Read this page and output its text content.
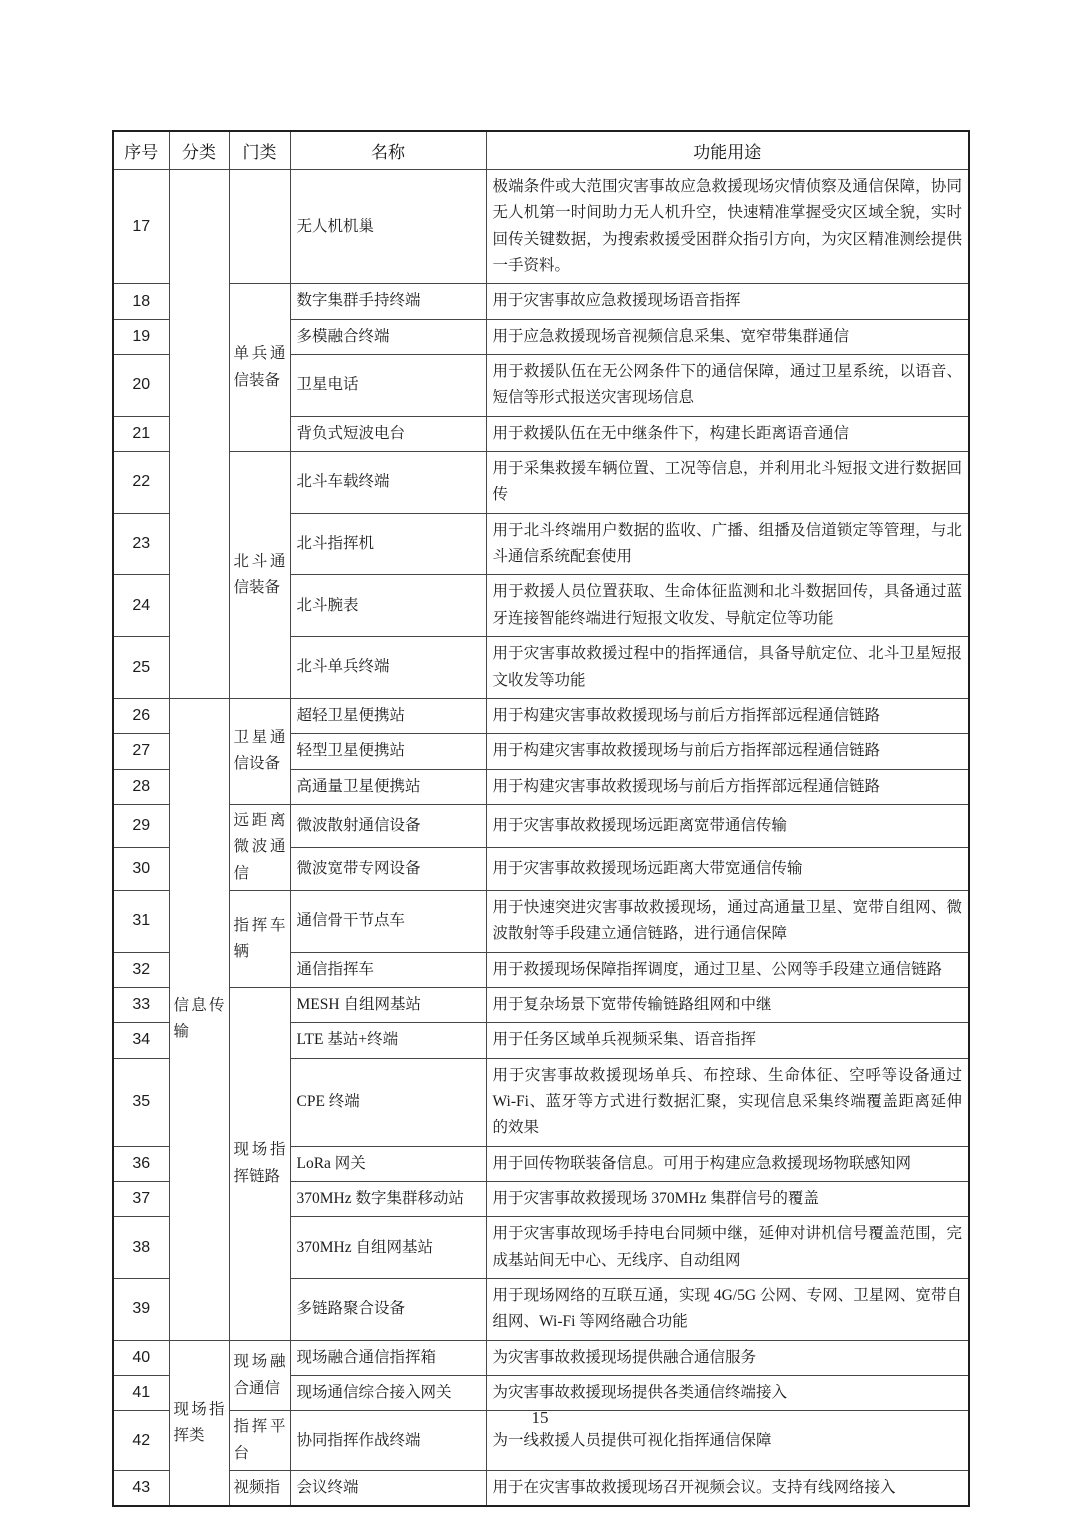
序号	分类	门类	名称	功能用途
17			无人机机巢	极端条件或大范围灾害事故应急救援现场灾情侦察及通信保障，协同无人机第一时间助力无人机升空，快速精准掌握受灾区域全貌，实时回传关键数据，为搜索救援受困群众指引方向，为灾区精准测绘提供一手资料。
18		单兵通信装备	数字集群手持终端	用于灾害事故应急救援现场语音指挥
19			多模融合终端	用于应急救援现场音视频信息采集、宽窄带集群通信
20			卫星电话	用于救援队伍在无公网条件下的通信保障，通过卫星系统，以语音、短信等形式报送灾害现场信息
21			背负式短波电台	用于救援队伍在无中继条件下，构建长距离语音通信
22		北斗通信装备	北斗车载终端	用于采集救援车辆位置、工况等信息，并利用北斗短报文进行数据回传
23			北斗指挥机	用于北斗终端用户数据的监收、广播、组播及信道锁定等管理，与北斗通信系统配套使用
24			北斗腕表	用于救援人员位置获取、生命体征监测和北斗数据回传，具备通过蓝牙连接智能终端进行短报文收发、导航定位等功能
25			北斗单兵终端	用于灾害事故救援过程中的指挥通信，具备导航定位、北斗卫星短报文收发等功能
26	信息传输	卫星通信设备	超轻卫星便携站	用于构建灾害事故救援现场与前后方指挥部远程通信链路
27			轻型卫星便携站	用于构建灾害事故救援现场与前后方指挥部远程通信链路
28			高通量卫星便携站	用于构建灾害事故救援现场与前后方指挥部远程通信链路
29		远距离微波通信	微波散射通信设备	用于灾害事故救援现场远距离宽带通信传输
30			微波宽带专网设备	用于灾害事故救援现场远距离大带宽通信传输
31		指挥车辆	通信骨干节点车	用于快速突进灾害事故救援现场，通过高通量卫星、宽带自组网、微波散射等手段建立通信链路，进行通信保障
32			通信指挥车	用于救援现场保障指挥调度，通过卫星、公网等手段建立通信链路
33		现场指挥链路	MESH 自组网基站	用于复杂场景下宽带传输链路组网和中继
34			LTE 基站+终端	用于任务区域单兵视频采集、语音指挥
35			CPE 终端	用于灾害事故救援现场单兵、布控球、生命体征、空呼等设备通过 Wi-Fi、蓝牙等方式进行数据汇聚，实现信息采集终端覆盖距离延伸的效果
36			LoRa 网关	用于回传物联装备信息。可用于构建应急救援现场物联感知网
37			370MHz 数字集群移动站	用于灾害事故救援现场 370MHz 集群信号的覆盖
38			370MHz 自组网基站	用于灾害事故现场手持电台同频中继，延伸对讲机信号覆盖范围，完成基站间无中心、无线序、自动组网
39			多链路聚合设备	用于现场网络的互联互通，实现 4G/5G 公网、专网、卫星网、宽带自组网、Wi-Fi 等网络融合功能
40	现场指挥类	现场融合通信	现场融合通信指挥箱	为灾害事故救援现场提供融合通信服务
41			现场通信综合接入网关	为灾害事故救援现场提供各类通信终端接入
42		指挥平台	协同指挥作战终端	为一线救援人员提供可视化指挥通信保障
43		视频指	会议终端	用于在灾害事故救援现场召开视频会议。支持有线网络接入
15
